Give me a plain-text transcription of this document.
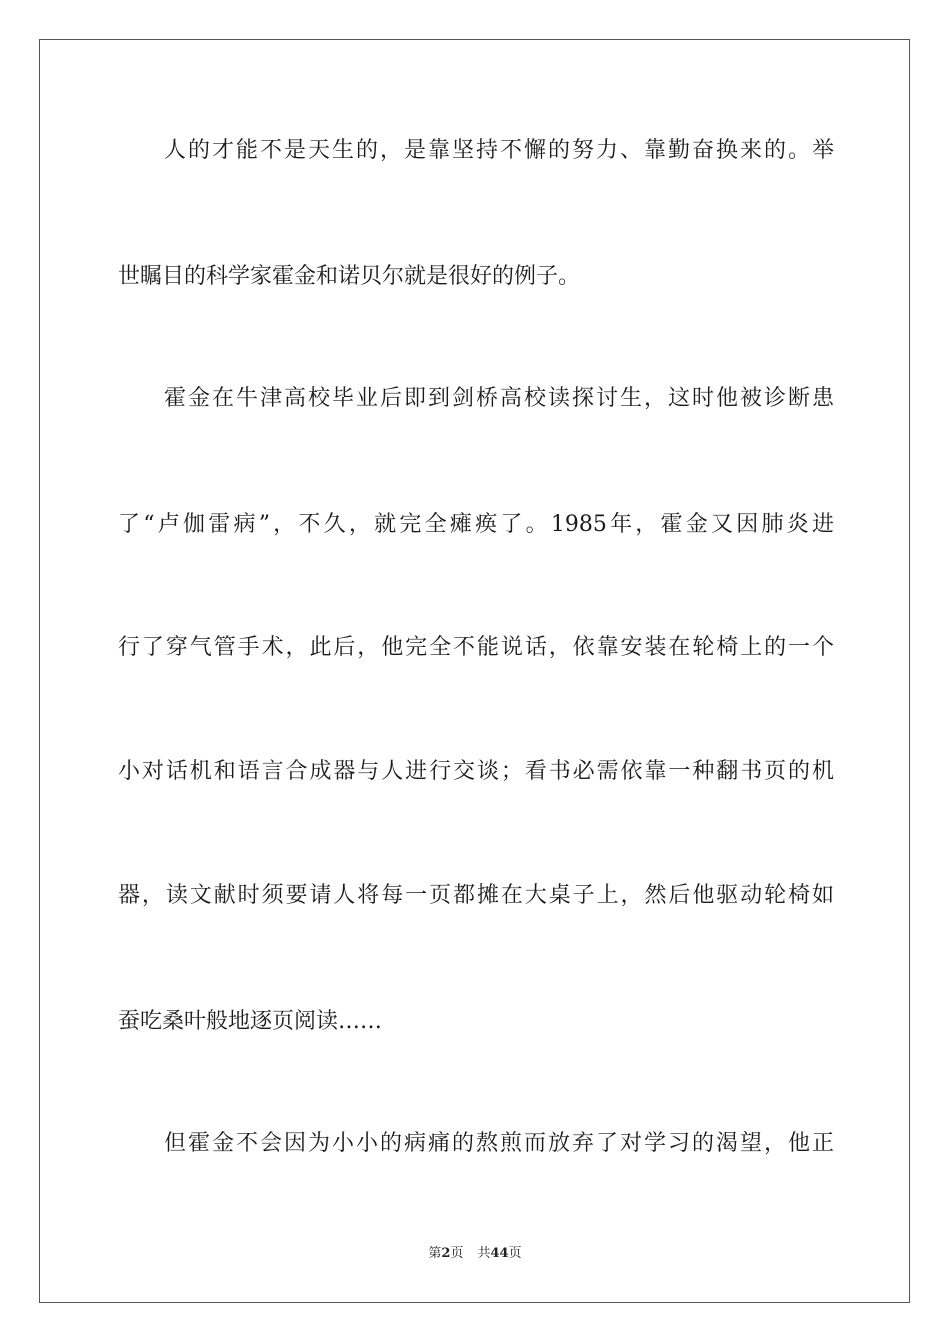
人的才能不是天生的，是靠坚持不懈的努力、靠勤奋换来的。举
世瞩目的科学家霍金和诺贝尔就是很好的例子。
霍金在牛津高校毕业后即到剑桥高校读探讨生，这时他被诊断患
了“卢伽雷病”，不久，就完全瘫痪了。1985年，霍金又因肺炎进
行了穿气管手术，此后，他完全不能说话，依靠安装在轮椅上的一个
小对话机和语言合成器与人进行交谈；看书必需依靠一种翻书页的机
器，读文献时须要请人将每一页都摊在大桌子上，然后他驱动轮椅如
蚕吃桑叶般地逐页阅读……
但霍金不会因为小小的病痛的熬煎而放弃了对学习的渴望，他正
第2页 共44页
